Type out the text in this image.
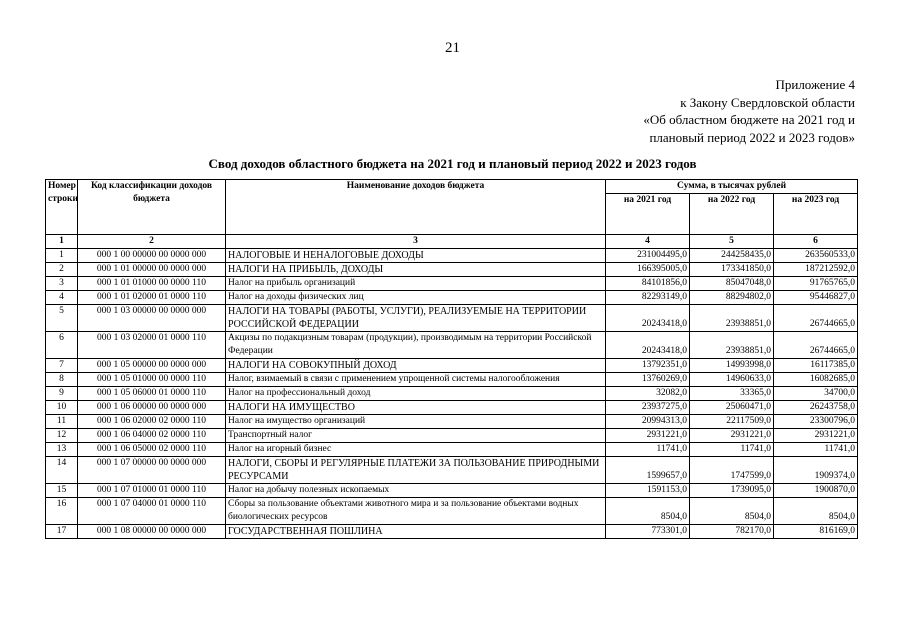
21
Приложение 4
к Закону Свердловской области
«Об областном бюджете на 2021 год и
плановый период 2022 и 2023 годов»
Свод доходов областного бюджета на 2021 год и плановый период 2022 и 2023 годов
Номер строки	Код классификации доходов бюджета	Наименование доходов бюджета	Сумма, в тысячах рублей		
			на 2021 год	на 2022 год	на 2023 год
1	2	3	4	5	6
1	000 1 00 00000 00 0000 000	НАЛОГОВЫЕ И НЕНАЛОГОВЫЕ ДОХОДЫ	231004495,0	244258435,0	263560533,0
2	000 1 01 00000 00 0000 000	НАЛОГИ НА ПРИБЫЛЬ, ДОХОДЫ	166395005,0	173341850,0	187212592,0
3	000 1 01 01000 00 0000 110	Налог на прибыль организаций	84101856,0	85047048,0	91765765,0
4	000 1 01 02000 01 0000 110	Налог на доходы физических лиц	82293149,0	88294802,0	95446827,0
5	000 1 03 00000 00 0000 000	НАЛОГИ НА ТОВАРЫ (РАБОТЫ, УСЛУГИ), РЕАЛИЗУЕМЫЕ НА ТЕРРИТОРИИ РОССИЙСКОЙ ФЕДЕРАЦИИ	20243418,0	23938851,0	26744665,0
6	000 1 03 02000 01 0000 110	Акцизы по подакцизным товарам (продукции), производимым на территории Российской Федерации	20243418,0	23938851,0	26744665,0
7	000 1 05 00000 00 0000 000	НАЛОГИ НА СОВОКУПНЫЙ ДОХОД	13792351,0	14993998,0	16117385,0
8	000 1 05 01000 00 0000 110	Налог, взимаемый в связи с применением упрощенной системы налогообложения	13760269,0	14960633,0	16082685,0
9	000 1 05 06000 01 0000 110	Налог на профессиональный доход	32082,0	33365,0	34700,0
10	000 1 06 00000 00 0000 000	НАЛОГИ НА ИМУЩЕСТВО	23937275,0	25060471,0	26243758,0
11	000 1 06 02000 02 0000 110	Налог на имущество организаций	20994313,0	22117509,0	23300796,0
12	000 1 06 04000 02 0000 110	Транспортный налог	2931221,0	2931221,0	2931221,0
13	000 1 06 05000 02 0000 110	Налог на игорный бизнес	11741,0	11741,0	11741,0
14	000 1 07 00000 00 0000 000	НАЛОГИ, СБОРЫ И РЕГУЛЯРНЫЕ ПЛАТЕЖИ ЗА ПОЛЬЗОВАНИЕ ПРИРОДНЫМИ РЕСУРСАМИ	1599657,0	1747599,0	1909374,0
15	000 1 07 01000 01 0000 110	Налог на добычу полезных ископаемых	1591153,0	1739095,0	1900870,0
16	000 1 07 04000 01 0000 110	Сборы за пользование объектами животного мира и за пользование объектами водных биологических ресурсов	8504,0	8504,0	8504,0
17	000 1 08 00000 00 0000 000	ГОСУДАРСТВЕННАЯ ПОШЛИНА	773301,0	782170,0	816169,0
